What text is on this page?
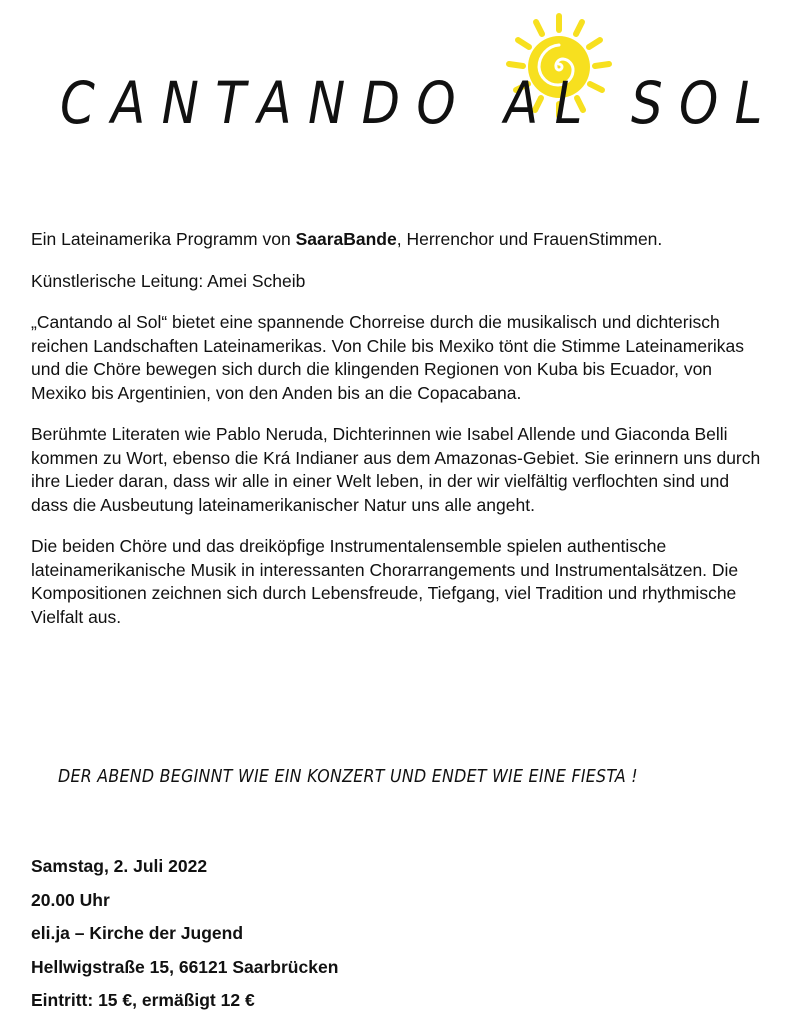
CANTANDO AL SOL

Ein Lateinamerika Programm von SaaraBande, Herrenchor und FrauenStimmen.

Künstlerische Leitung: Amei Scheib

„Cantando al Sol“ bietet eine spannende Chorreise durch die musikalisch und dichterisch reichen Landschaften Lateinamerikas. Von Chile bis Mexiko tönt die Stimme Lateinamerikas und die Chöre bewegen sich durch die klingenden Regionen von Kuba bis Ecuador, von Mexiko bis Argentinien, von den Anden bis an die Copacabana.

Berühmte Literaten wie Pablo Neruda, Dichterinnen wie Isabel Allende und Giaconda Belli kommen zu Wort, ebenso die Krá Indianer aus dem Amazonas-Gebiet. Sie erinnern uns durch ihre Lieder daran, dass wir alle in einer Welt leben, in der wir vielfältig verflochten sind und dass die Ausbeutung lateinamerikanischer Natur uns alle angeht.

Die beiden Chöre und das dreiköpfige Instrumentalensemble spielen authentische lateinamerikanische Musik in interessanten Chorarrangements und Instrumentalsätzen. Die Kompositionen zeichnen sich durch Lebensfreude, Tiefgang, viel Tradition und rhythmische Vielfalt aus.

DER ABEND BEGINNT WIE EIN KONZERT UND ENDET WIE EINE FIESTA !
Samstag, 2. Juli 2022
20.00 Uhr
eli.ja – Kirche der Jugend
Hellwigstraße 15, 66121 Saarbrücken
Eintritt: 15 €, ermäßigt 12 €
